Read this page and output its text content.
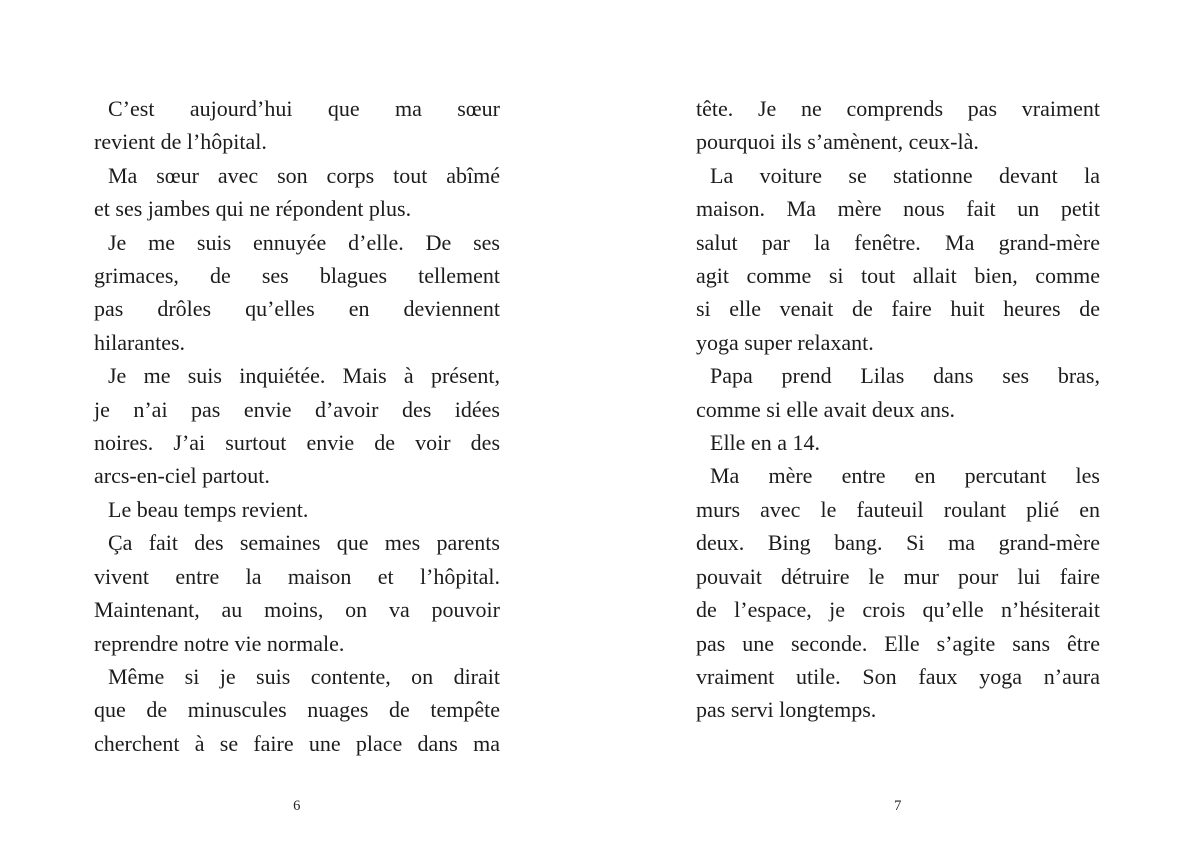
C’est aujourd’hui que ma sœur
revient de l’hôpital.
Ma sœur avec son corps tout abîmé
et ses jambes qui ne répondent plus.
Je me suis ennuyée d’elle. De ses
grimaces, de ses blagues tellement
pas drôles qu’elles en deviennent
hilarantes.
Je me suis inquiétée. Mais à présent,
je n’ai pas envie d’avoir des idées
noires. J’ai surtout envie de voir des
arcs-en-ciel partout.
Le beau temps revient.
Ça fait des semaines que mes parents
vivent entre la maison et l’hôpital.
Maintenant, au moins, on va pouvoir
reprendre notre vie normale.
Même si je suis contente, on dirait
que de minuscules nuages de tempête
cherchent à se faire une place dans ma
tête. Je ne comprends pas vraiment
pourquoi ils s’amènent, ceux-là.
La voiture se stationne devant la
maison. Ma mère nous fait un petit
salut par la fenêtre. Ma grand-mère
agit comme si tout allait bien, comme
si elle venait de faire huit heures de
yoga super relaxant.
Papa prend Lilas dans ses bras,
comme si elle avait deux ans.
Elle en a 14.
Ma mère entre en percutant les
murs avec le fauteuil roulant plié en
deux. Bing bang. Si ma grand-mère
pouvait détruire le mur pour lui faire
de l’espace, je crois qu’elle n’hésiterait
pas une seconde. Elle s’agite sans être
vraiment utile. Son faux yoga n’aura
pas servi longtemps.
6	7
